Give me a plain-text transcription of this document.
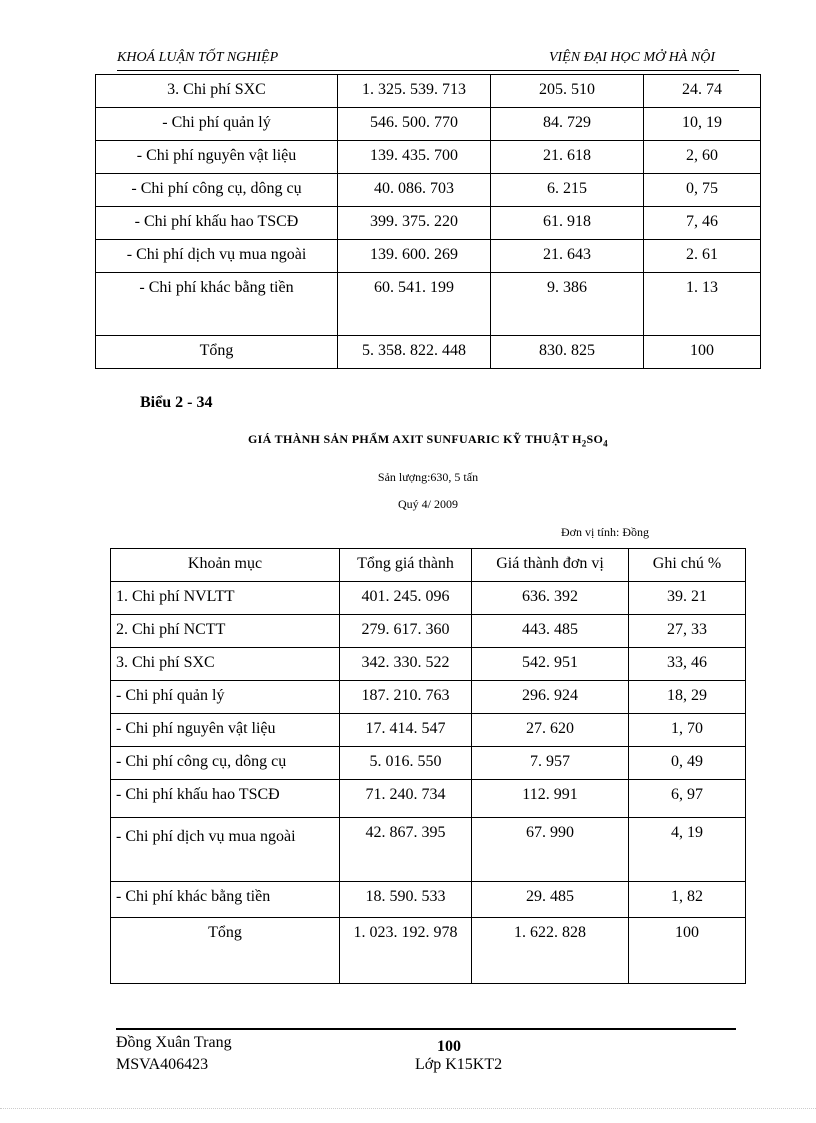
KHOÁ LUẬN TỐT NGHIỆP	VIỆN ĐẠI HỌC MỞ HÀ NỘI
3. Chi phí SXC	1. 325. 539. 713	205. 510	24. 74
- Chi phí quản lý	546. 500. 770	84. 729	10, 19
- Chi phí nguyên vật liệu	139. 435. 700	21. 618	2, 60
- Chi phí công cụ, dông cụ	40. 086. 703	6. 215	0, 75
- Chi phí khấu hao TSCĐ	399. 375. 220	61. 918	7, 46
- Chi phí dịch vụ mua ngoài	139. 600. 269	21. 643	2. 61
- Chi phí khác bằng tiền	60. 541. 199	9. 386	1. 13
Tổng	5. 358. 822. 448	830. 825	100
Biểu 2 - 34
GIÁ THÀNH SẢN PHẨM AXIT SUNFUARIC KỸ THUẬT $H_2SO_4$
Sản lượng:630, 5 tấn
Quý 4/ 2009
Đơn vị tính: Đồng
Khoản mục	Tổng giá thành	Giá thành đơn vị	Ghi chú %
1. Chi phí NVLTT	401. 245. 096	636. 392	39. 21
2. Chi phí NCTT	279. 617. 360	443. 485	27, 33
3. Chi phí SXC	342. 330. 522	542. 951	33, 46
- Chi phí quản lý	187. 210. 763	296. 924	18, 29
- Chi phí nguyên vật liệu	17. 414. 547	27. 620	1, 70
- Chi phí công cụ, dông cụ	5. 016. 550	7. 957	0, 49
- Chi phí khấu hao TSCĐ	71. 240. 734	112. 991	6, 97
- Chi phí dịch vụ mua ngoài	42. 867. 395	67. 990	4, 19
- Chi phí khác bằng tiền	18. 590. 533	29. 485	1, 82
Tổng	1. 023. 192. 978	1. 622. 828	100
Đồng Xuân Trang
MSVA406423
100
Lớp K15KT2
